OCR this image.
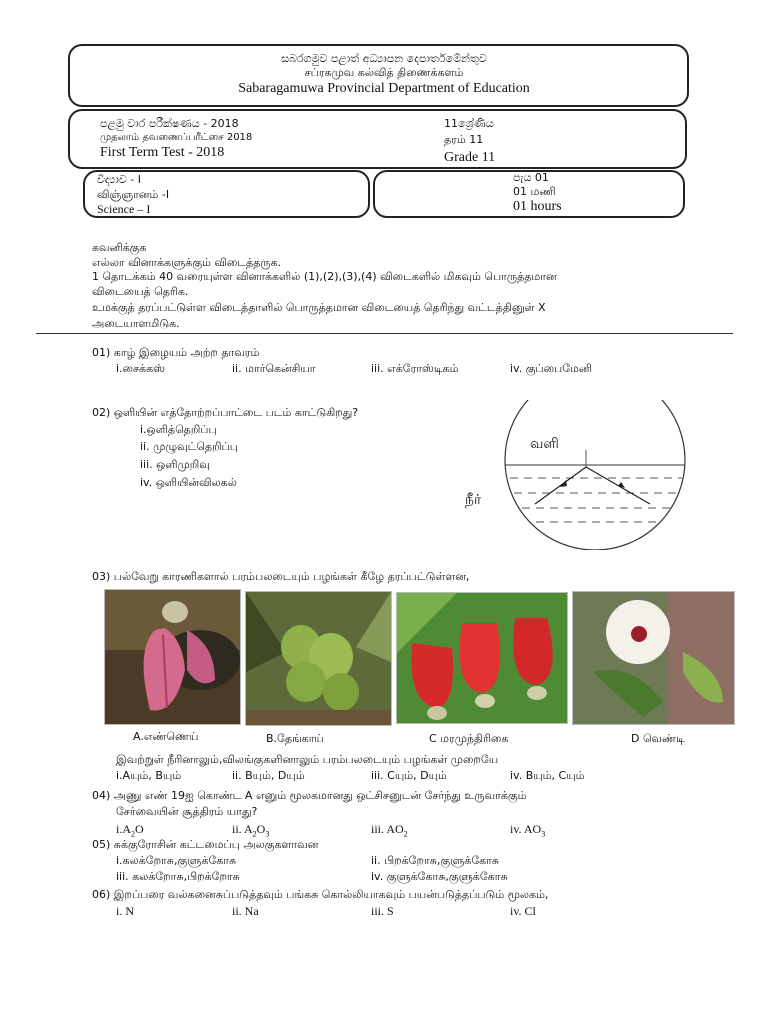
සබරගමුව පළාත් අධ්‍යාපන දෙපාර්තමේන්තුව
சப்ரகமுவ கல்வித் திணைக்களம்
Sabaragamuwa Provincial Department of Education
පළමු වාර පරීක්ෂණය - 2018
முதலாம் தவணைப்பரீட்சை 2018
First Term Test - 2018
11ශ්‍රේණිය
தரம் 11
Grade 11
විද්‍යාව - I
விஞ்ஞானம் -I
Science – I
පැය 01
01 மணி
01 hours
கவனிக்குக
எல்லா வினாக்களுக்கும் விடைத்தருக.
1 தொடக்கம் 40 வரையுள்ள வினாக்களில் (1),(2),(3),(4) விடைகளில் மிகவும் பொருத்தமான
விடையைத் தெரிக.
உமக்குத் தரப்பட்டுள்ள விடைத்தாளில் பொருத்தமான விடையைத் தெரிந்து வட்டத்தினுள் X
அடையாளமிடுக.
01) காழ் இழையம் அற்ற தாவரம்
i.சைக்கஸ்	ii. மார்கென்சியா	iii. எக்ரோஸ்டிகம்	iv. குப்பைமேனி
02) ஒளியின் எத்தோற்றப்பாட்டை படம் காட்டுகிறது?
i.ஒளித்தெறிப்பு
ii. முழுவுட்தெறிப்பு
iii. ஒளிமுறிவு
iv. ஒளியின்விலகல்
வளி
நீர்
03) பல்வேறு காரணிகளால் பரம்பலடையும் பழங்கள் கீழே தரப்பட்டுள்ளன,
A.எண்ணெய்	B.தேங்காய்	C மரமுந்திரிகை	D வெண்டி
இவற்றுள் நீரினாலும்,விலங்குகளினாலும் பரம்பலடையும் பழங்கள் முறையே
i.Aயும், Bயும்	ii. Bயும், Dயும்	iii. Cயும், Dயும்	iv. Bயும், Cயும்
04) அணு எண் 19ஐ கொண்ட A எனும் மூலகமானது ஒட்சிசனுடன் சேர்ந்து உருவாக்கும்
சேர்வையின் சூத்திரம் யாது?
$i.A_2O$	ii. $A_2O_3$	iii. $AO_2$	iv. $AO_3$
05) சுக்குரோசின் கட்டமைப்பு அலகுகளாவன
i.கலக்றோசு,குளுக்கோசு	ii. பிறக்றோசு,குளுக்கோசு
iii. கலக்றோசு,பிறக்றோசு	iv. குளுக்கோசு,குளுக்கோசு
06) இறப்பரை வல்கனைசுப்படுத்தவும் பங்கசு கொல்லியாகவும் பயன்படுத்தப்படும் மூலகம்,
i. N	ii. Na	iii. S	iv. Cl
